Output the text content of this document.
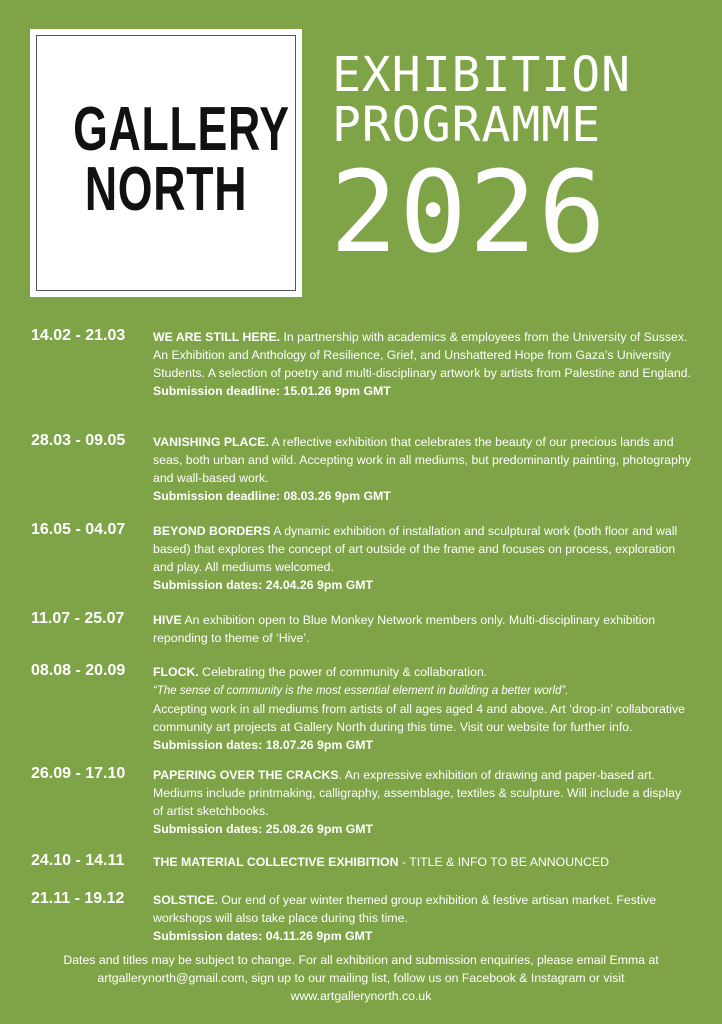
GALLERY
NORTH
EXHIBITION
PROGRAMME
2026
14.02 - 21.03 WE ARE STILL HERE. In partnership with academics & employees from the University of Sussex. An Exhibition and Anthology of Resilience, Grief, and Unshattered Hope from Gaza’s University Students. A selection of poetry and multi-disciplinary artwork by artists from Palestine and England.
Submission deadline: 15.01.26 9pm GMT
28.03 - 09.05 VANISHING PLACE. A reflective exhibition that celebrates the beauty of our precious lands and seas, both urban and wild. Accepting work in all mediums, but predominantly painting, photography and wall-based work.
Submission deadline: 08.03.26 9pm GMT
16.05 - 04.07 BEYOND BORDERS A dynamic exhibition of installation and sculptural work (both floor and wall based) that explores the concept of art outside of the frame and focuses on process, exploration and play. All mediums welcomed.
Submission dates: 24.04.26 9pm GMT
11.07 - 25.07 HIVE An exhibition open to Blue Monkey Network members only. Multi-disciplinary exhibition reponding to theme of ‘Hive’.
08.08 - 20.09 FLOCK. Celebrating the power of community & collaboration.
“The sense of community is the most essential element in building a better world”.
Accepting work in all mediums from artists of all ages aged 4 and above. Art ‘drop-in’ collaborative community art projects at Gallery North during this time. Visit our website for further info. Submission dates: 18.07.26 9pm GMT
26.09 - 17.10 PAPERING OVER THE CRACKS. An expressive exhibition of drawing and paper-based art. Mediums include printmaking, calligraphy, assemblage, textiles & sculpture. Will include a display of artist sketchbooks.
Submission dates: 25.08.26 9pm GMT
24.10 - 14.11 THE MATERIAL COLLECTIVE EXHIBITION - TITLE & INFO TO BE ANNOUNCED
21.11 - 19.12 SOLSTICE. Our end of year winter themed group exhibition & festive artisan market. Festive workshops will also take place during this time.
Submission dates: 04.11.26 9pm GMT
Dates and titles may be subject to change. For all exhibition and submission enquiries, please email Emma at
artgallerynorth@gmail.com, sign up to our mailing list, follow us on Facebook & Instagram or visit
www.artgallerynorth.co.uk
